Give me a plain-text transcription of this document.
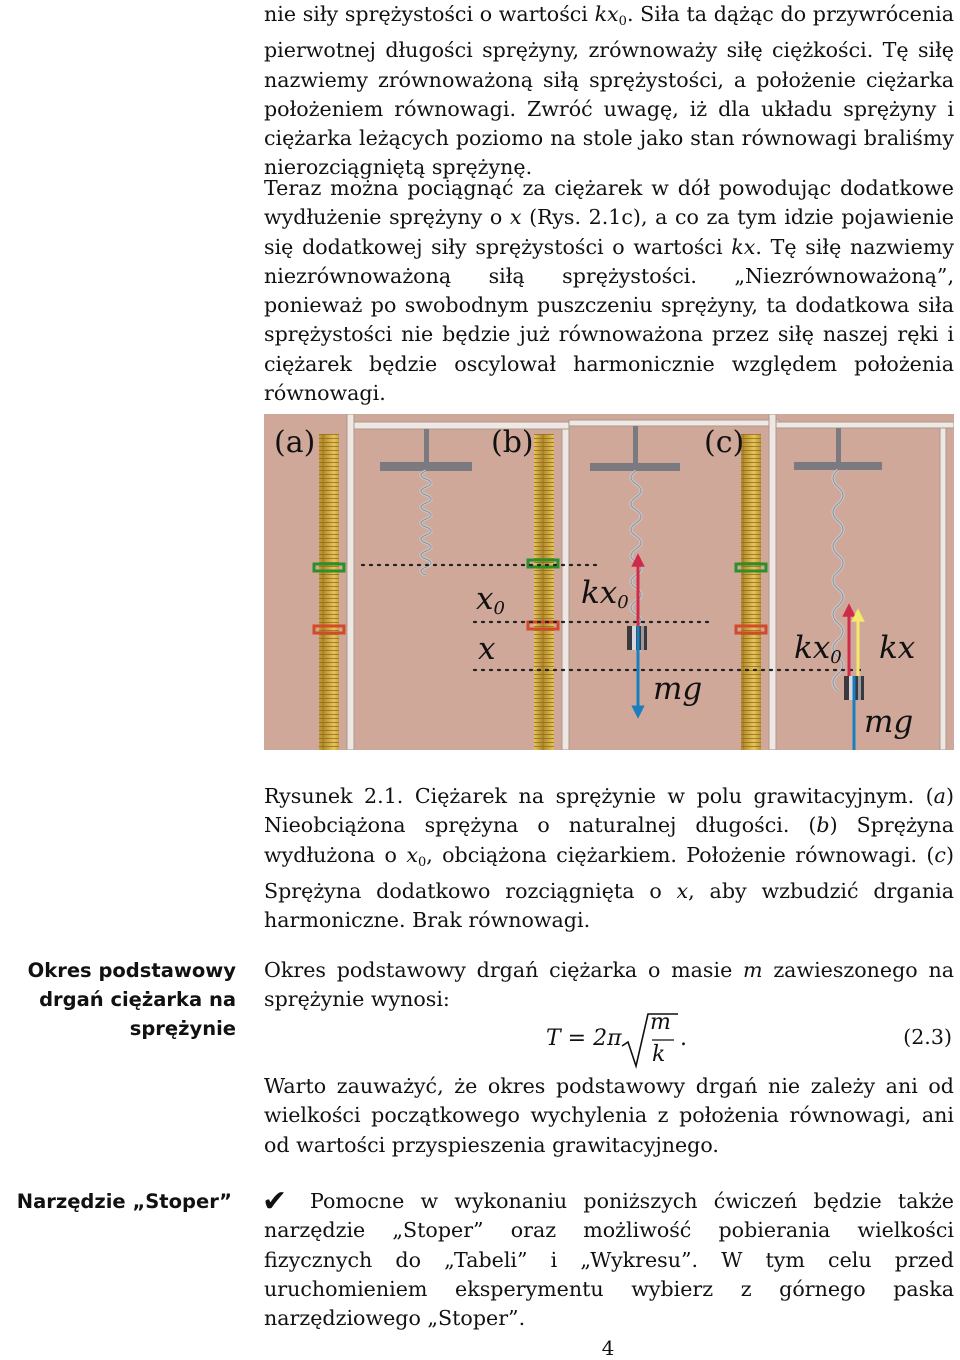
nie siły sprężystości o wartości $kx_0$. Siła ta dążąc do przywrócenia pierwotnej długości sprężyny, zrównoważy siłę ciężkości. Tę siłę nazwiemy zrównoważoną siłą sprężystości, a położenie ciężarka położeniem równowagi. Zwróć uwagę, iż dla układu sprężyny i ciężarka leżących poziomo na stole jako stan równowagi braliśmy nierozciągniętą sprężynę.

Teraz można pociągnąć za ciężarek w dół powodując dodatkowe wydłużenie sprężyny o x (Rys. 2.1c), a co za tym idzie pojawienie się dodatkowej siły sprężystości o wartości kx. Tę siłę nazwiemy niezrównoważoną siłą sprężystości. „Niezrównoważoną”, ponieważ po swobodnym puszczeniu sprężyny, ta dodatkowa siła sprężystości nie będzie już równoważona przez siłę naszej ręki i ciężarek będzie oscylował harmonicznie względem położenia równowagi.

(a)	(b)	(c)
x0
x
kx0
mg
kx0 kx
mg
Rysunek 2.1. Ciężarek na sprężynie w polu grawitacyjnym. (a) Nieobciążona sprężyna o naturalnej długości. (b) Sprężyna wydłużona o $x_0$, obciążona ciężarkiem. Położenie równowagi. (c) Sprężyna dodatkowo rozciągnięta o x, aby wzbudzić drgania harmoniczne. Brak równowagi.
Okres podstawowy
drgań ciężarka na
sprężynie

Okres podstawowy drgań ciężarka o masie m zawieszonego na sprężynie wynosi:

T = 2π
m
k
.	(2.3)

Warto zauważyć, że okres podstawowy drgań nie zależy ani od wielkości początkowego wychylenia z położenia równowagi, ani od wartości przyspieszenia grawitacyjnego.

Narzędzie „Stoper” ✔	Pomocne w wykonaniu poniższych ćwiczeń będzie także narzędzie „Stoper” oraz możliwość pobierania wielkości fizycznych do „Tabeli” i „Wykresu”. W tym celu przed uruchomieniem eksperymentu wybierz z górnego paska narzędziowego „Stoper”.

4
